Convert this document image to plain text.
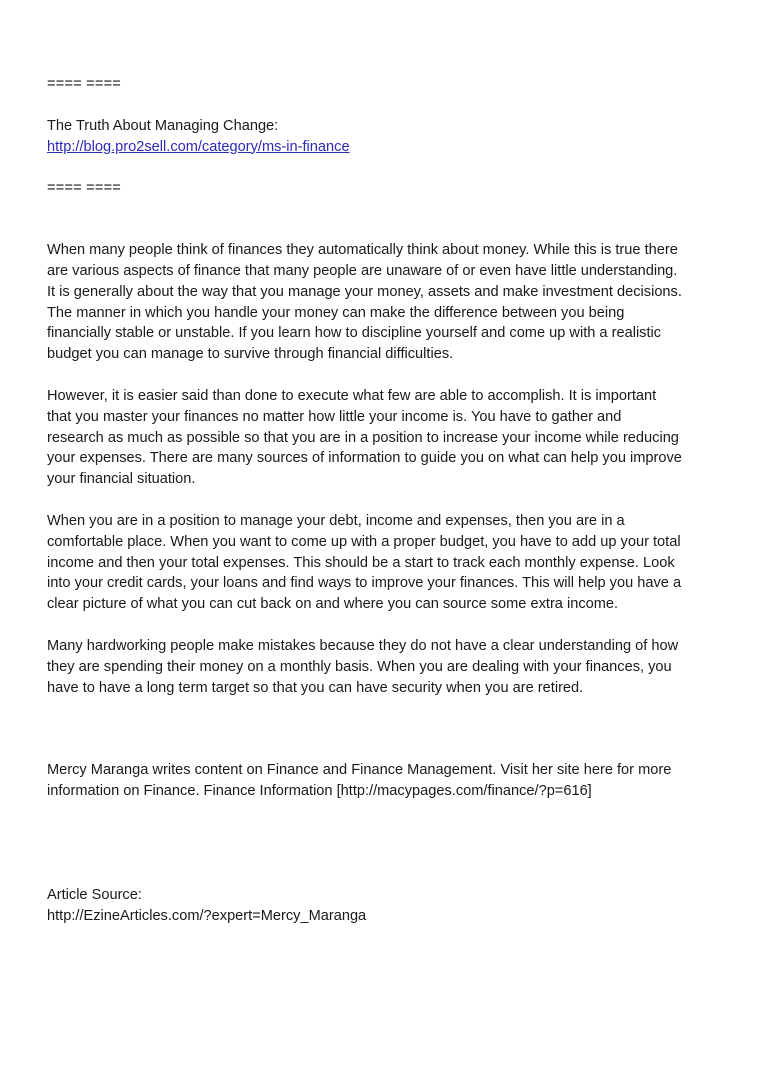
==== ====
The Truth About Managing Change:
http://blog.pro2sell.com/category/ms-in-finance
==== ====
When many people think of finances they automatically think about money. While this is true there
are various aspects of finance that many people are unaware of or even have little understanding.
It is generally about the way that you manage your money, assets and make investment decisions.
The manner in which you handle your money can make the difference between you being
financially stable or unstable. If you learn how to discipline yourself and come up with a realistic
budget you can manage to survive through financial difficulties.
However, it is easier said than done to execute what few are able to accomplish. It is important
that you master your finances no matter how little your income is. You have to gather and
research as much as possible so that you are in a position to increase your income while reducing
your expenses. There are many sources of information to guide you on what can help you improve
your financial situation.
When you are in a position to manage your debt, income and expenses, then you are in a
comfortable place. When you want to come up with a proper budget, you have to add up your total
income and then your total expenses. This should be a start to track each monthly expense. Look
into your credit cards, your loans and find ways to improve your finances. This will help you have a
clear picture of what you can cut back on and where you can source some extra income.
Many hardworking people make mistakes because they do not have a clear understanding of how
they are spending their money on a monthly basis. When you are dealing with your finances, you
have to have a long term target so that you can have security when you are retired.
Mercy Maranga writes content on Finance and Finance Management. Visit her site here for more
information on Finance. Finance Information [http://macypages.com/finance/?p=616]
Article Source:
http://EzineArticles.com/?expert=Mercy_Maranga
